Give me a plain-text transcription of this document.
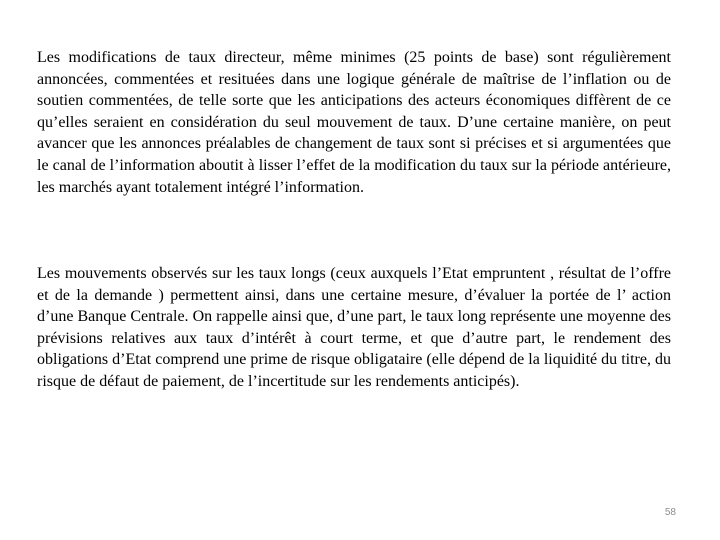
Les modifications de taux directeur, même minimes (25 points de base) sont régulièrement annoncées, commentées et resituées dans une logique générale de maîtrise de l’inflation ou de soutien commentées, de telle sorte que les anticipations des acteurs économiques diffèrent de ce qu’elles seraient en considération du seul mouvement de taux. D’une certaine manière, on peut avancer que les annonces préalables de changement de taux sont si précises et si argumentées que le canal de l’information aboutit à lisser l’effet de la modification du taux sur la période antérieure, les marchés ayant totalement intégré l’information.

Les mouvements observés sur les taux longs (ceux auxquels l’Etat empruntent , résultat de l’offre et de la demande ) permettent ainsi, dans une certaine mesure, d’évaluer la portée de l’ action d’une Banque Centrale. On rappelle ainsi que, d’une part, le taux long représente une moyenne des prévisions relatives aux taux d’intérêt à court terme, et que d’autre part, le rendement des obligations d’Etat comprend une prime de risque obligataire (elle dépend de la liquidité du titre, du risque de défaut de paiement, de l’incertitude sur les rendements anticipés).

58
